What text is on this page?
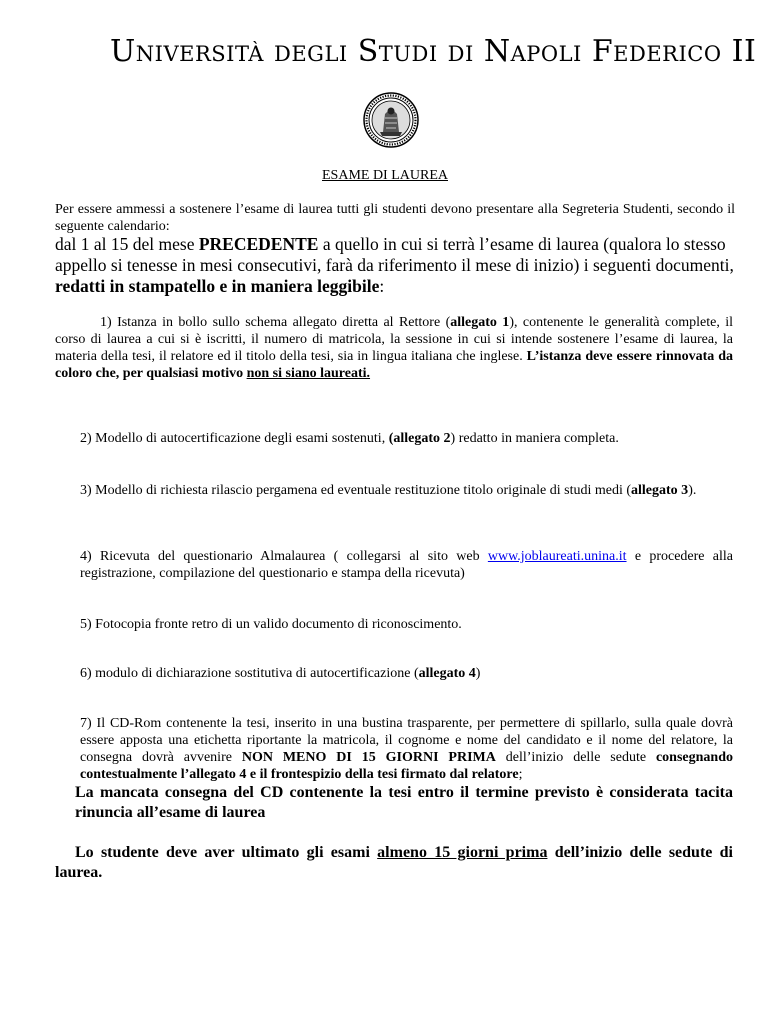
Università degli Studi di Napoli Federico II
ESAME DI LAUREA
Per essere ammessi a sostenere l’esame di laurea tutti gli studenti devono presentare alla Segreteria Studenti, secondo il seguente calendario:
dal 1 al 15 del mese PRECEDENTE a quello in cui si terrà l’esame di laurea (qualora lo stesso appello si tenesse in mesi consecutivi, farà da riferimento il mese di inizio) i seguenti documenti, redatti in stampatello e in maniera leggibile:
1) Istanza in bollo sullo schema allegato diretta al Rettore (allegato 1), contenente le generalità complete, il corso di laurea a cui si è iscritti, il numero di matricola, la sessione in cui si intende sostenere l’esame di laurea, la materia della tesi, il relatore ed il titolo della tesi, sia in lingua italiana che inglese. L’istanza deve essere rinnovata da coloro che, per qualsiasi motivo non si siano laureati.
2) Modello di autocertificazione degli esami sostenuti, (allegato 2) redatto in maniera completa.
3) Modello di richiesta rilascio pergamena ed eventuale restituzione titolo originale di studi medi (allegato 3).
4) Ricevuta del questionario Almalaurea ( collegarsi al sito web www.joblaureati.unina.it e procedere alla registrazione, compilazione del questionario e stampa della ricevuta)
5) Fotocopia fronte retro di un valido documento di riconoscimento.
6) modulo di dichiarazione sostitutiva di autocertificazione (allegato 4)
7) Il CD-Rom contenente la tesi, inserito in una bustina trasparente, per permettere di spillarlo, sulla quale dovrà essere apposta una etichetta riportante la matricola, il cognome e nome del candidato e il nome del relatore, la consegna dovrà avvenire NON MENO DI 15 GIORNI PRIMA dell’inizio delle sedute consegnando contestualmente l’allegato 4 e il frontespizio della tesi firmato dal relatore;
La mancata consegna del CD contenente la tesi entro il termine previsto è considerata tacita rinuncia all’esame di laurea
Lo studente deve aver ultimato gli esami almeno 15 giorni prima dell’inizio delle sedute di laurea.
